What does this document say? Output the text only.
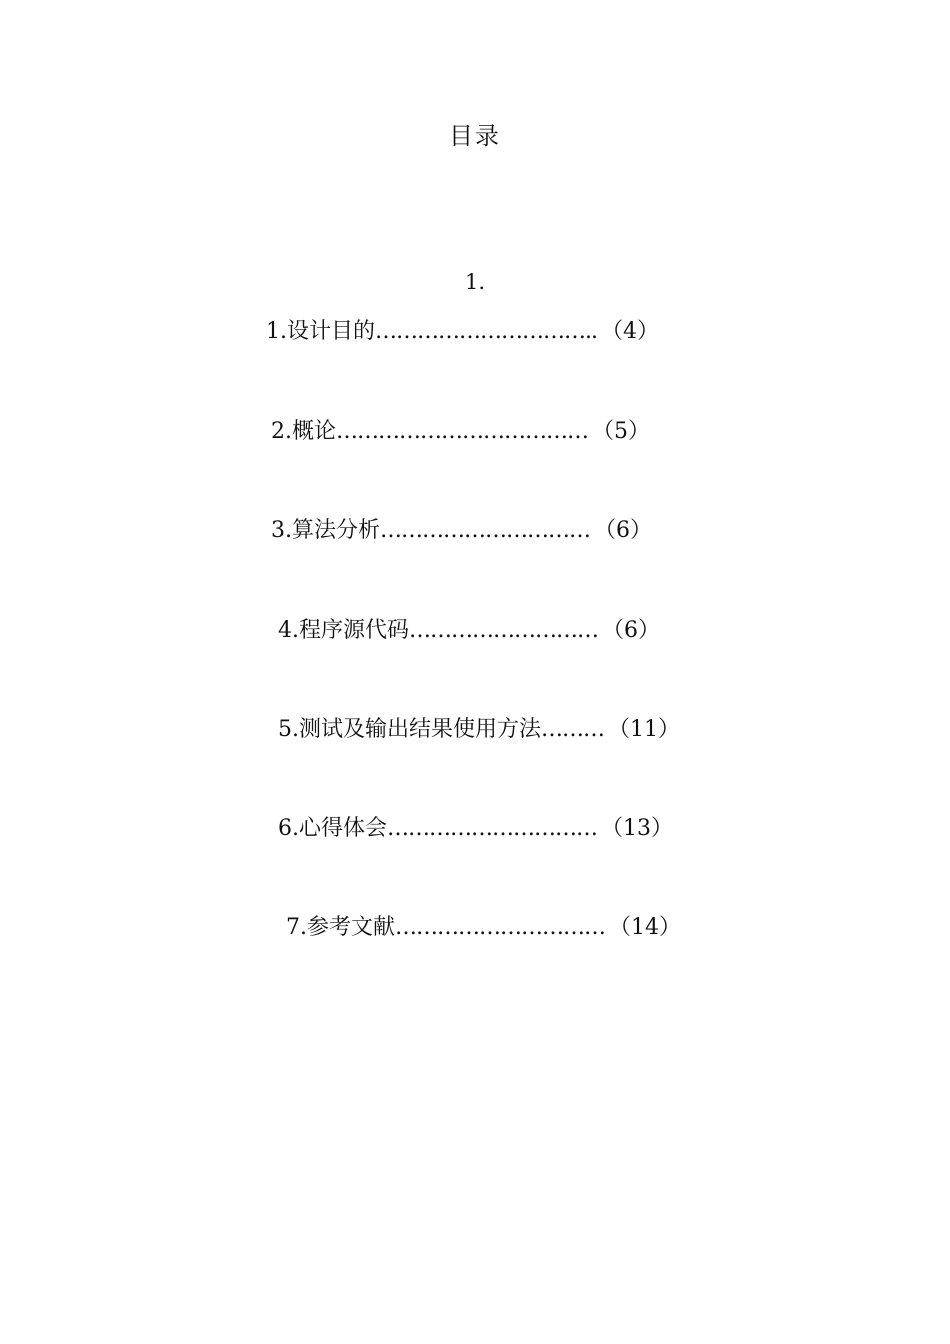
目录
1.
1.设计目的………………………….. （4）
2.概论……………………………… （5）
3.算法分析………………………… （6）
4.程序源代码……………………… （6）
5.测试及输出结果使用方法……… （11）
6.心得体会………………………… （13）
7.参考文献………………………… （14）
